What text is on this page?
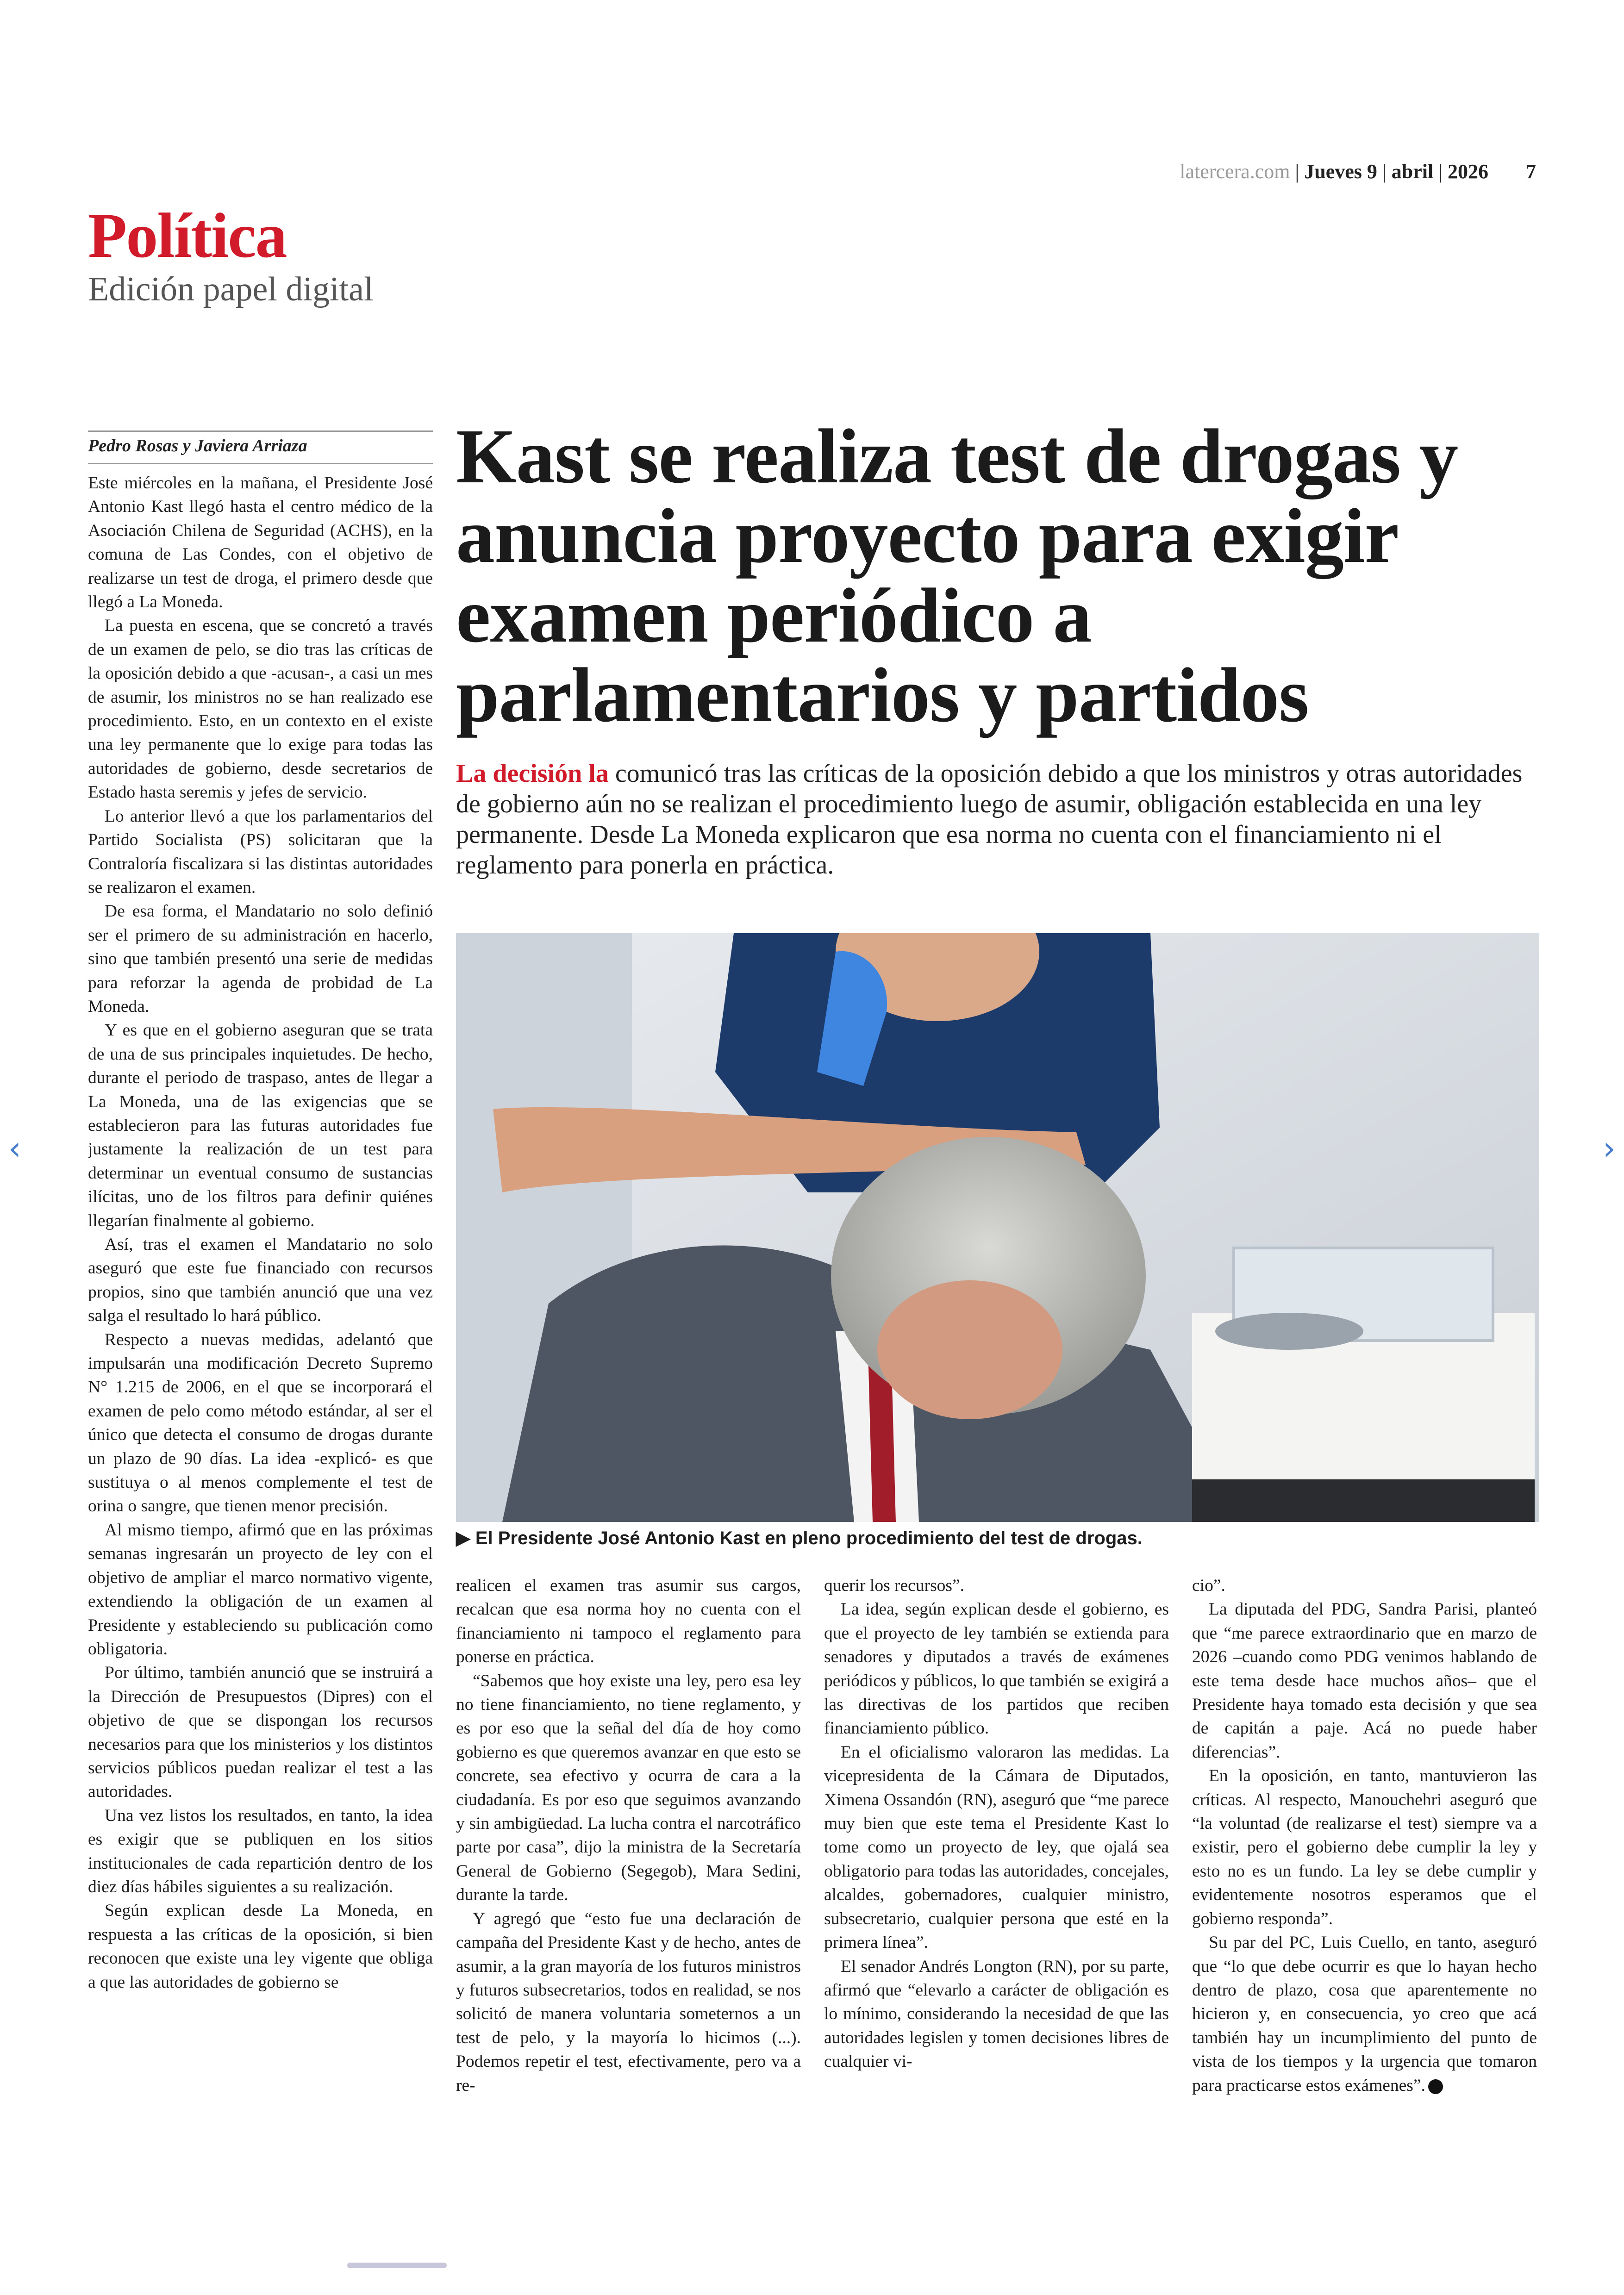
latercera.com | Jueves 9 | abril | 2026 7
Política
Edición papel digital
Pedro Rosas y Javiera Arriaza

Este miércoles en la mañana, el Presidente José Antonio Kast llegó hasta el centro médico de la Asociación Chilena de Seguridad (ACHS), en la comuna de Las Condes, con el objetivo de realizarse un test de droga, el primero desde que llegó a La Moneda.

La puesta en escena, que se concretó a través de un examen de pelo, se dio tras las críticas de la oposición debido a que -acusan-, a casi un mes de asumir, los ministros no se han realizado ese procedimiento. Esto, en un contexto en el existe una ley permanente que lo exige para todas las autoridades de gobierno, desde secretarios de Estado hasta seremis y jefes de servicio.

Lo anterior llevó a que los parlamentarios del Partido Socialista (PS) solicitaran que la Contraloría fiscalizara si las distintas autoridades se realizaron el examen.

De esa forma, el Mandatario no solo definió ser el primero de su administración en hacerlo, sino que también presentó una serie de medidas para reforzar la agenda de probidad de La Moneda.

Y es que en el gobierno aseguran que se trata de una de sus principales inquietudes. De hecho, durante el periodo de traspaso, antes de llegar a La Moneda, una de las exigencias que se establecieron para las futuras autoridades fue justamente la realización de un test para determinar un eventual consumo de sustancias ilícitas, uno de los filtros para definir quiénes llegarían finalmente al gobierno.

Así, tras el examen el Mandatario no solo aseguró que este fue financiado con recursos propios, sino que también anunció que una vez salga el resultado lo hará público.

Respecto a nuevas medidas, adelantó que impulsarán una modificación Decreto Supremo N° 1.215 de 2006, en el que se incorporará el examen de pelo como método estándar, al ser el único que detecta el consumo de drogas durante un plazo de 90 días. La idea -explicó- es que sustituya o al menos complemente el test de orina o sangre, que tienen menor precisión.

Al mismo tiempo, afirmó que en las próximas semanas ingresarán un proyecto de ley con el objetivo de ampliar el marco normativo vigente, extendiendo la obligación de un examen al Presidente y estableciendo su publicación como obligatoria.

Por último, también anunció que se instruirá a la Dirección de Presupuestos (Dipres) con el objetivo de que se dispongan los recursos necesarios para que los ministerios y los distintos servicios públicos puedan realizar el test a las autoridades.

Una vez listos los resultados, en tanto, la idea es exigir que se publiquen en los sitios institucionales de cada repartición dentro de los diez días hábiles siguientes a su realización.

Según explican desde La Moneda, en respuesta a las críticas de la oposición, si bien reconocen que existe una ley vigente que obliga a que las autoridades de gobierno se

Kast se realiza test de drogas y anuncia proyecto para exigir examen periódico a parlamentarios y partidos
La decisión la comunicó tras las críticas de la oposición debido a que los ministros y otras autoridades de gobierno aún no se realizan el procedimiento luego de asumir, obligación establecida en una ley permanente. Desde La Moneda explicaron que esa norma no cuenta con el financiamiento ni el reglamento para ponerla en práctica.
▶ El Presidente José Antonio Kast en pleno procedimiento del test de drogas.

realicen el examen tras asumir sus cargos, recalcan que esa norma hoy no cuenta con el financiamiento ni tampoco el reglamento para ponerse en práctica.

“Sabemos que hoy existe una ley, pero esa ley no tiene financiamiento, no tiene reglamento, y es por eso que la señal del día de hoy como gobierno es que queremos avanzar en que esto se concrete, sea efectivo y ocurra de cara a la ciudadanía. Es por eso que seguimos avanzando y sin ambigüedad. La lucha contra el narcotráfico parte por casa”, dijo la ministra de la Secretaría General de Gobierno (Segegob), Mara Sedini, durante la tarde.

Y agregó que “esto fue una declaración de campaña del Presidente Kast y de hecho, antes de asumir, a la gran mayoría de los futuros ministros y futuros subsecretarios, todos en realidad, se nos solicitó de manera voluntaria someternos a un test de pelo, y la mayoría lo hicimos (...). Podemos repetir el test, efectivamente, pero va a re-

querir los recursos”.

La idea, según explican desde el gobierno, es que el proyecto de ley también se extienda para senadores y diputados a través de exámenes periódicos y públicos, lo que también se exigirá a las directivas de los partidos que reciben financiamiento público.

En el oficialismo valoraron las medidas. La vicepresidenta de la Cámara de Diputados, Ximena Ossandón (RN), aseguró que “me parece muy bien que este tema el Presidente Kast lo tome como un proyecto de ley, que ojalá sea obligatorio para todas las autoridades, concejales, alcaldes, gobernadores, cualquier ministro, subsecretario, cualquier persona que esté en la primera línea”.

El senador Andrés Longton (RN), por su parte, afirmó que “elevarlo a carácter de obligación es lo mínimo, considerando la necesidad de que las autoridades legislen y tomen decisiones libres de cualquier vi-

cio”.

La diputada del PDG, Sandra Parisi, planteó que “me parece extraordinario que en marzo de 2026 –cuando como PDG venimos hablando de este tema desde hace muchos años– que el Presidente haya tomado esta decisión y que sea de capitán a paje. Acá no puede haber diferencias”.

En la oposición, en tanto, mantuvieron las críticas. Al respecto, Manouchehri aseguró que “la voluntad (de realizarse el test) siempre va a existir, pero el gobierno debe cumplir la ley y esto no es un fundo. La ley se debe cumplir y evidentemente nosotros esperamos que el gobierno responda”.

Su par del PC, Luis Cuello, en tanto, aseguró que “lo que debe ocurrir es que lo hayan hecho dentro de plazo, cosa que aparentemente no hicieron y, en consecuencia, yo creo que acá también hay un incumplimiento del punto de vista de los tiempos y la urgencia que tomaron para practicarse estos exámenes”.

‹	›
